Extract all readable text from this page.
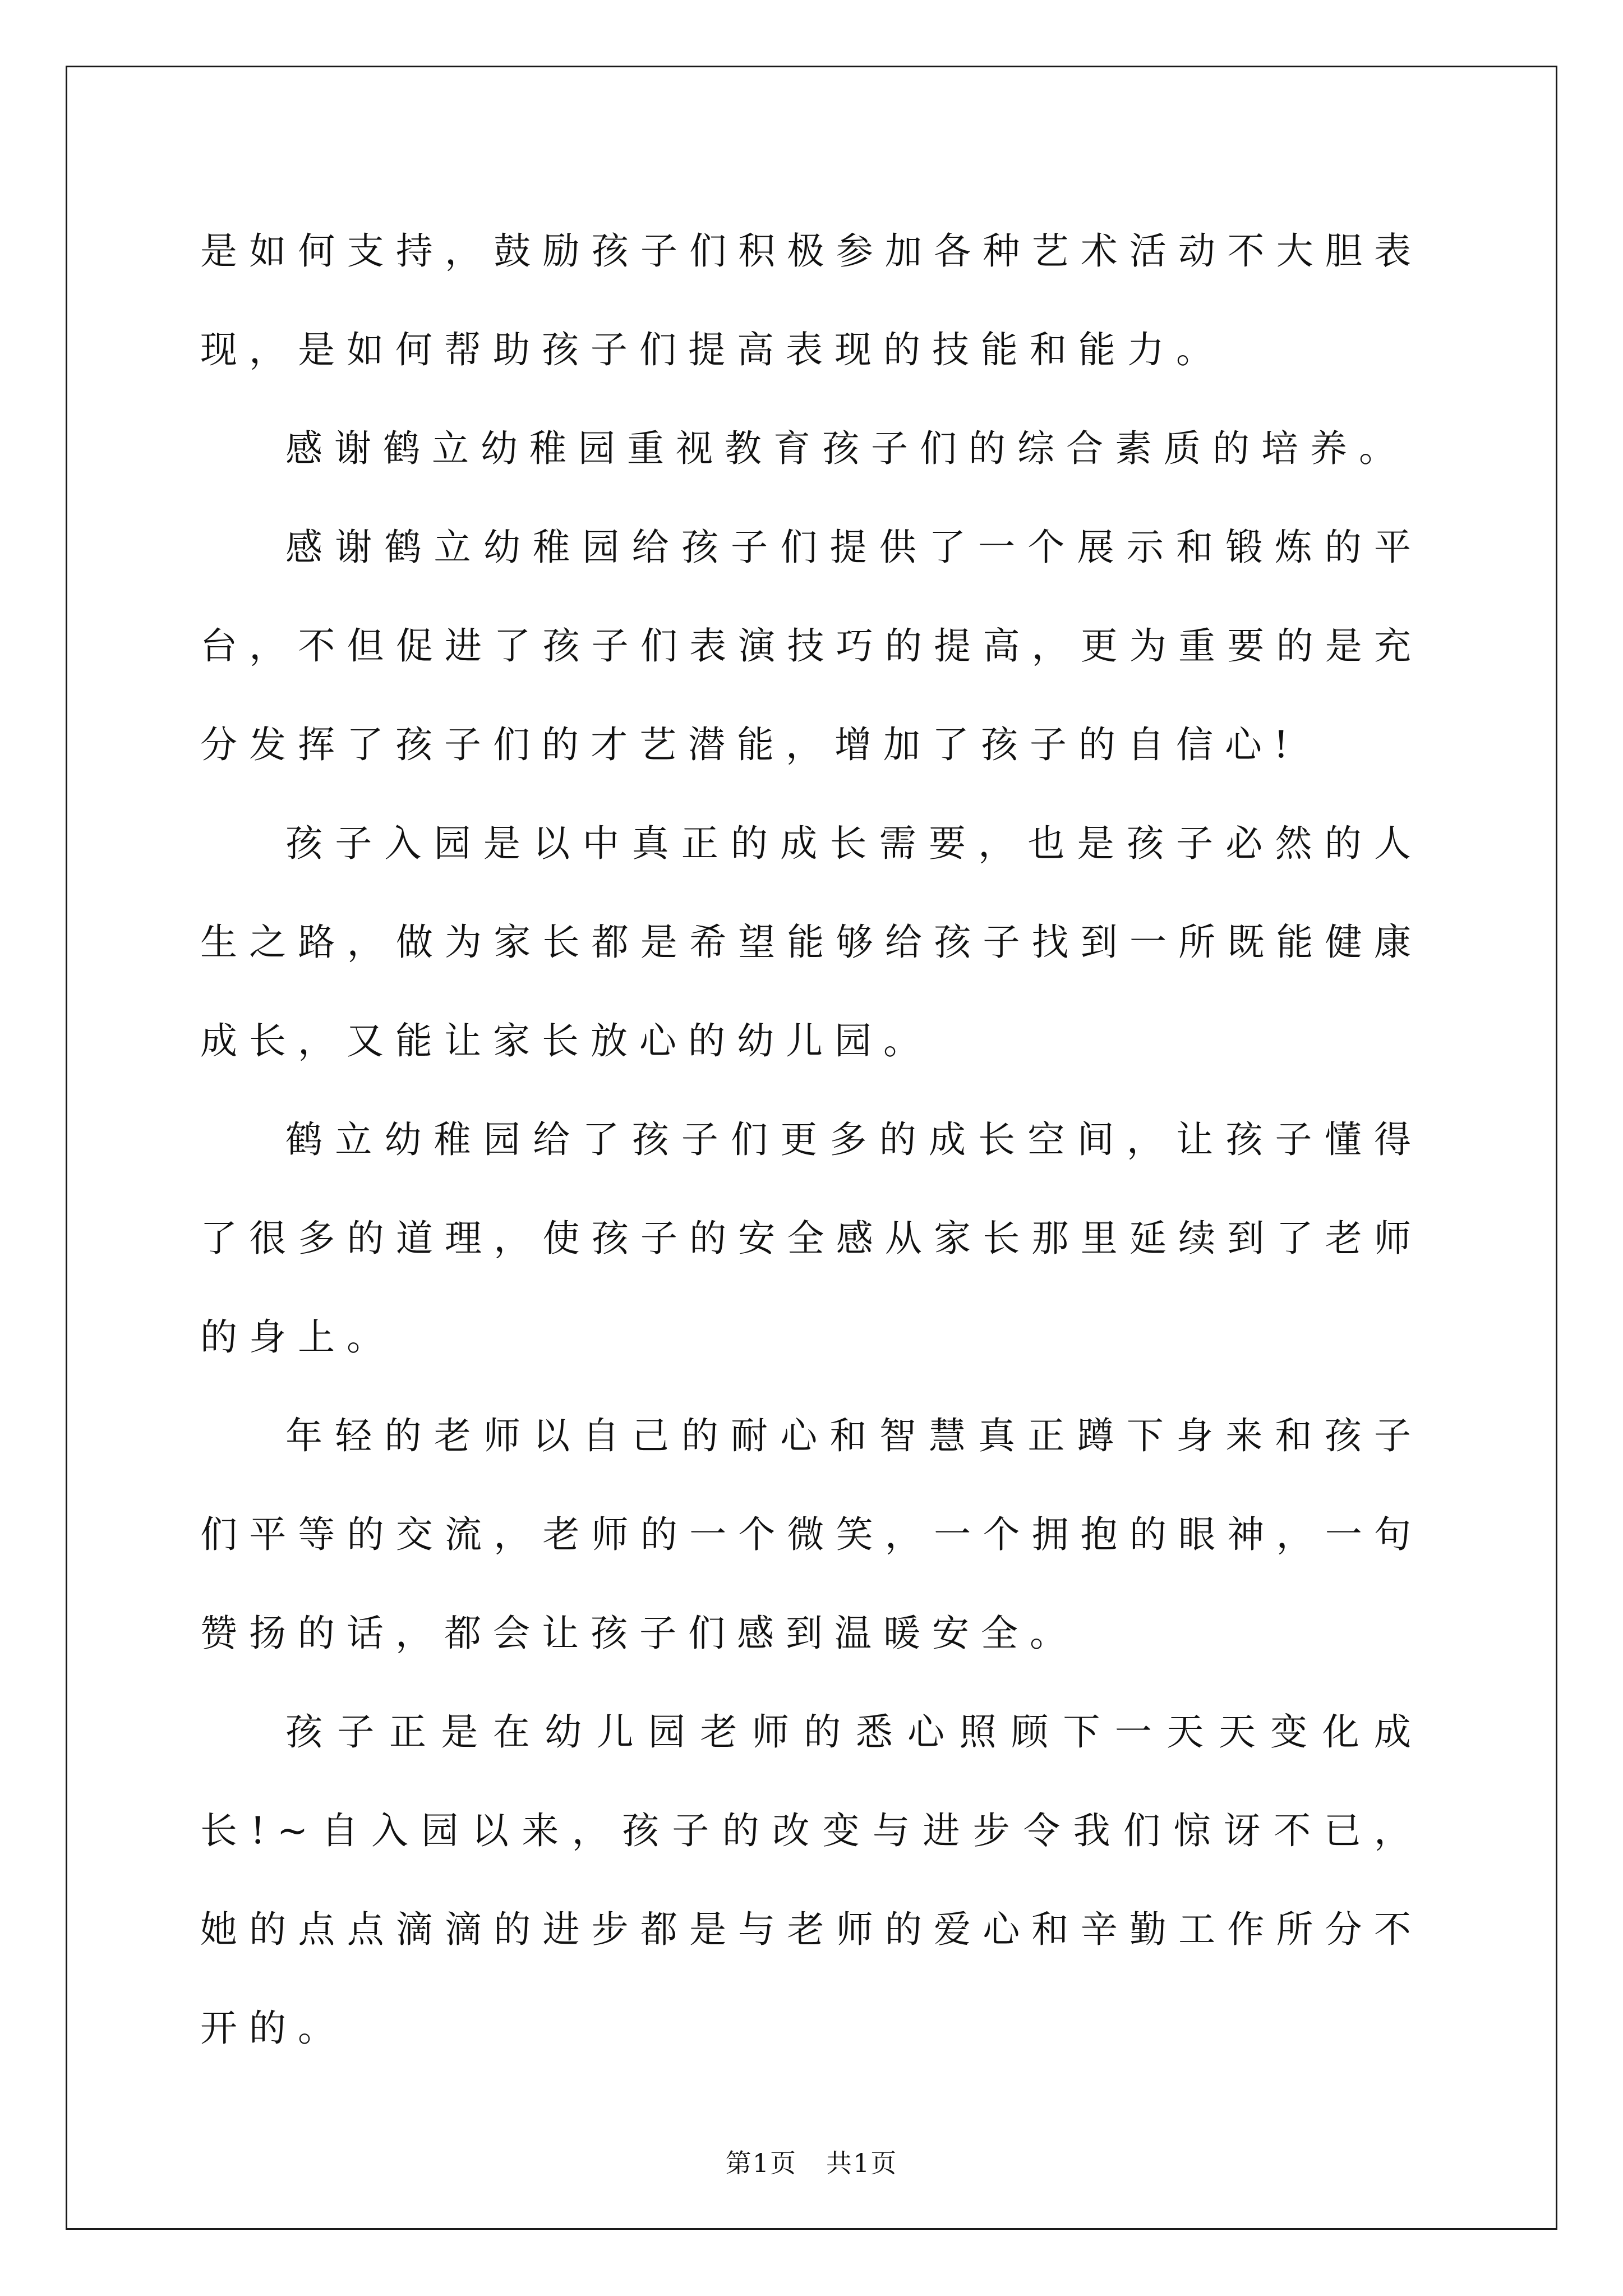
是如何支持，鼓励孩子们积极参加各种艺术活动不大胆表现，是如何帮助孩子们提高表现的技能和能力。

感谢鹤立幼稚园重视教育孩子们的综合素质的培养。

感谢鹤立幼稚园给孩子们提供了一个展示和锻炼的平台，不但促进了孩子们表演技巧的提高，更为重要的是充分发挥了孩子们的才艺潜能，增加了孩子的自信心!

孩子入园是以中真正的成长需要，也是孩子必然的人生之路，做为家长都是希望能够给孩子找到一所既能健康成长，又能让家长放心的幼儿园。

鹤立幼稚园给了孩子们更多的成长空间，让孩子懂得了很多的道理，使孩子的安全感从家长那里延续到了老师的身上。

年轻的老师以自己的耐心和智慧真正蹲下身来和孩子们平等的交流，老师的一个微笑，一个拥抱的眼神，一句赞扬的话，都会让孩子们感到温暖安全。

孩子正是在幼儿园老师的悉心照顾下一天天变化成长!~自入园以来，孩子的改变与进步令我们惊讶不已，她的点点滴滴的进步都是与老师的爱心和辛勤工作所分不开的。

第1页 共1页
